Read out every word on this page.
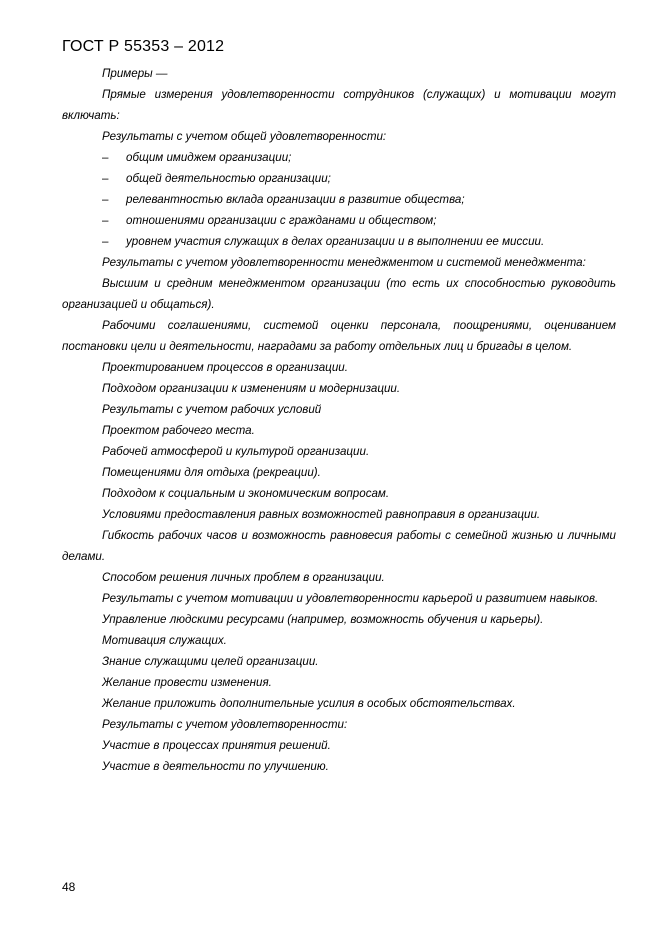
ГОСТ Р 55353 – 2012

Примеры —

Прямые измерения удовлетворенности сотрудников (служащих) и мотивации могут включать:

Результаты с учетом общей удовлетворенности:

– общим имиджем организации;
– общей деятельностью организации;
– релевантностью вклада организации в развитие общества;
– отношениями организации с гражданами и обществом;
– уровнем участия служащих в делах организации и в выполнении ее миссии.

Результаты с учетом удовлетворенности менеджментом и системой менеджмента:

Высшим и средним менеджментом организации (то есть их способностью руководить организацией и общаться).

Рабочими соглашениями, системой оценки персонала, поощрениями, оцениванием постановки цели и деятельности, наградами за работу отдельных лиц и бригады в целом.

Проектированием процессов в организации.

Подходом организации к изменениям и модернизации.

Результаты с учетом рабочих условий

Проектом рабочего места.

Рабочей атмосферой и культурой организации.

Помещениями для отдыха (рекреации).

Подходом к социальным и экономическим вопросам.

Условиями предоставления равных возможностей равноправия в организации.

Гибкость рабочих часов и возможность равновесия работы с семейной жизнью и личными делами.

Способом решения личных проблем в организации.

Результаты с учетом мотивации и удовлетворенности карьерой и развитием навыков.

Управление людскими ресурсами (например, возможность обучения и карьеры).

Мотивация служащих.

Знание служащими целей организации.

Желание провести изменения.

Желание приложить дополнительные усилия в особых обстоятельствах.

Результаты с учетом удовлетворенности:

Участие в процессах принятия решений.

Участие в деятельности по улучшению.

48
